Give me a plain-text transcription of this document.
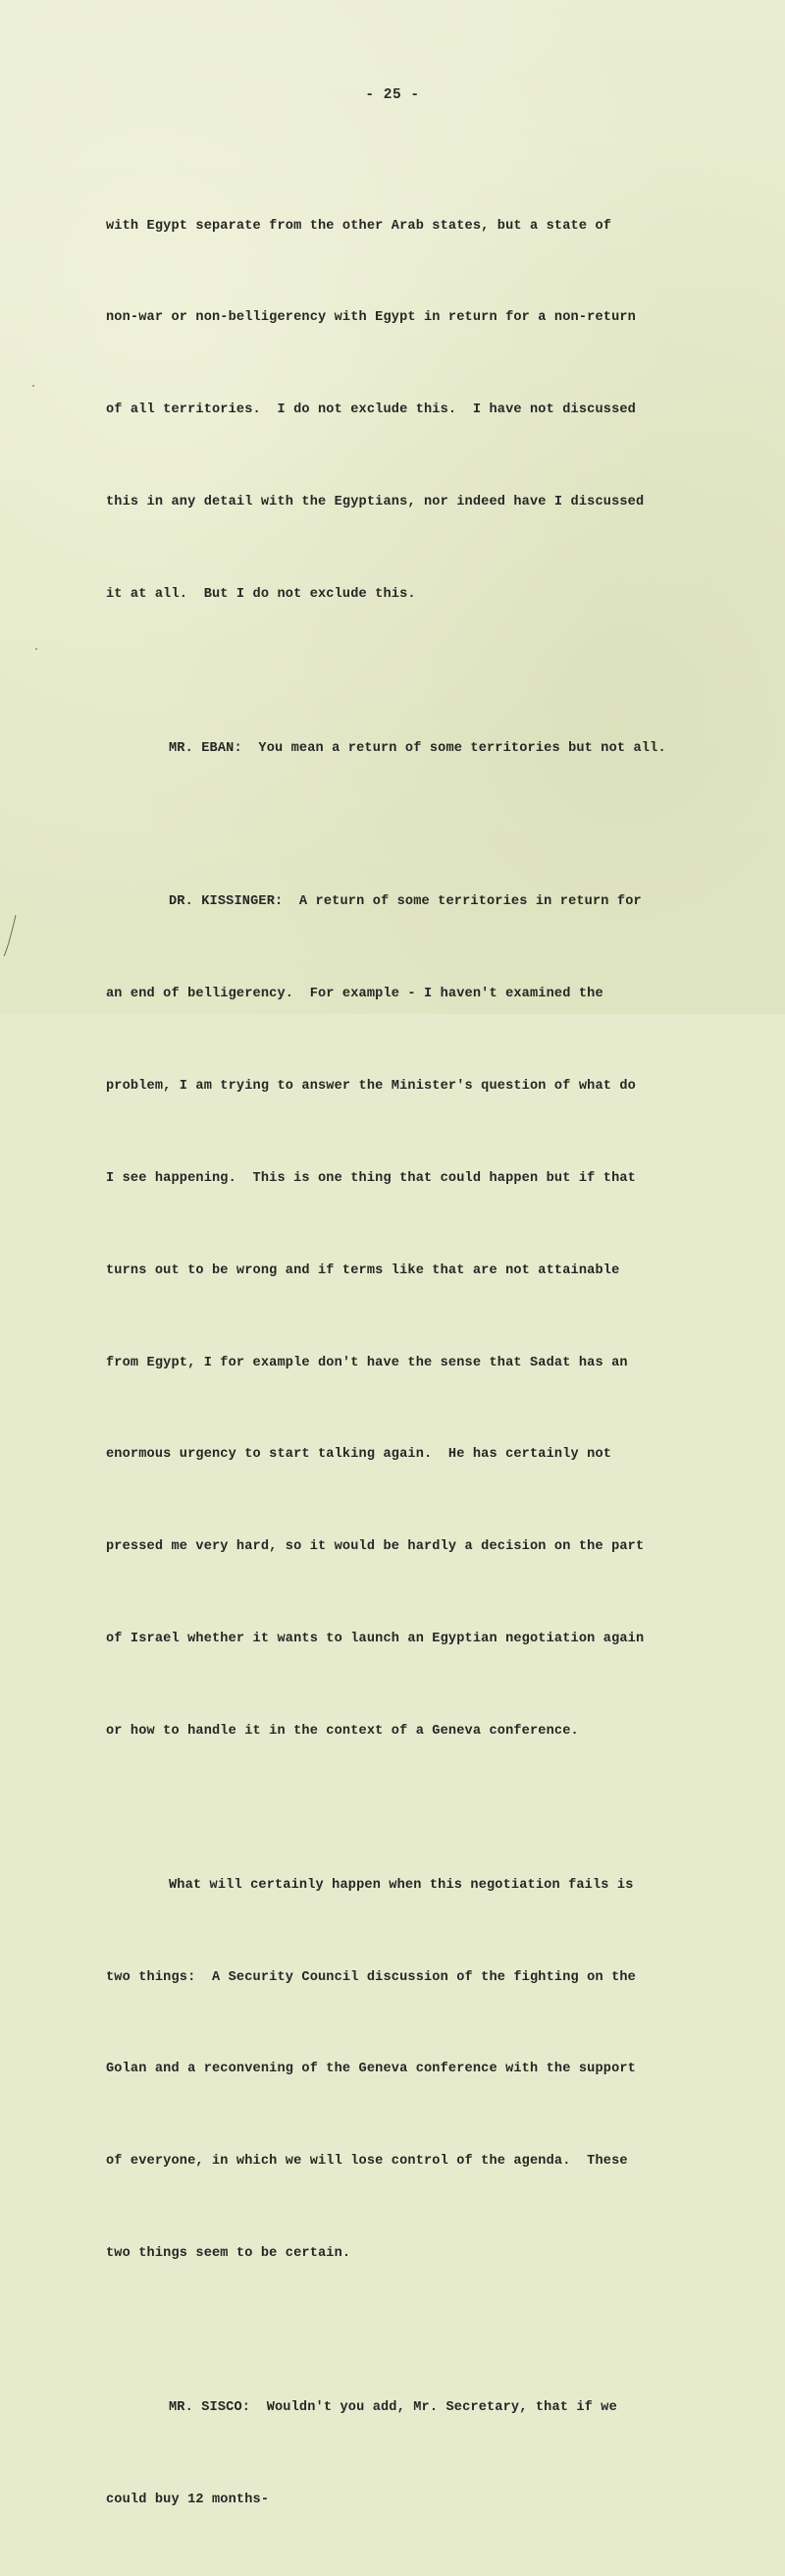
- 25 -

with Egypt separate from the other Arab states, but a state of

non-war or non-belligerency with Egypt in return for a non-return

of all territories.  I do not exclude this.  I have not discussed

this in any detail with the Egyptians, nor indeed have I discussed

it at all.  But I do not exclude this.

MR. EBAN:  You mean a return of some territories but not all.

DR. KISSINGER:  A return of some territories in return for

an end of belligerency.  For example - I haven't examined the

problem, I am trying to answer the Minister's question of what do

I see happening.  This is one thing that could happen but if that

turns out to be wrong and if terms like that are not attainable

from Egypt, I for example don't have the sense that Sadat has an

enormous urgency to start talking again.  He has certainly not

pressed me very hard, so it would be hardly a decision on the part

of Israel whether it wants to launch an Egyptian negotiation again

or how to handle it in the context of a Geneva conference.

What will certainly happen when this negotiation fails is

two things:  A Security Council discussion of the fighting on the

Golan and a reconvening of the Geneva conference with the support

of everyone, in which we will lose control of the agenda.  These

two things seem to be certain.

MR. SISCO:  Wouldn't you add, Mr. Secretary, that if we

could buy 12 months-
